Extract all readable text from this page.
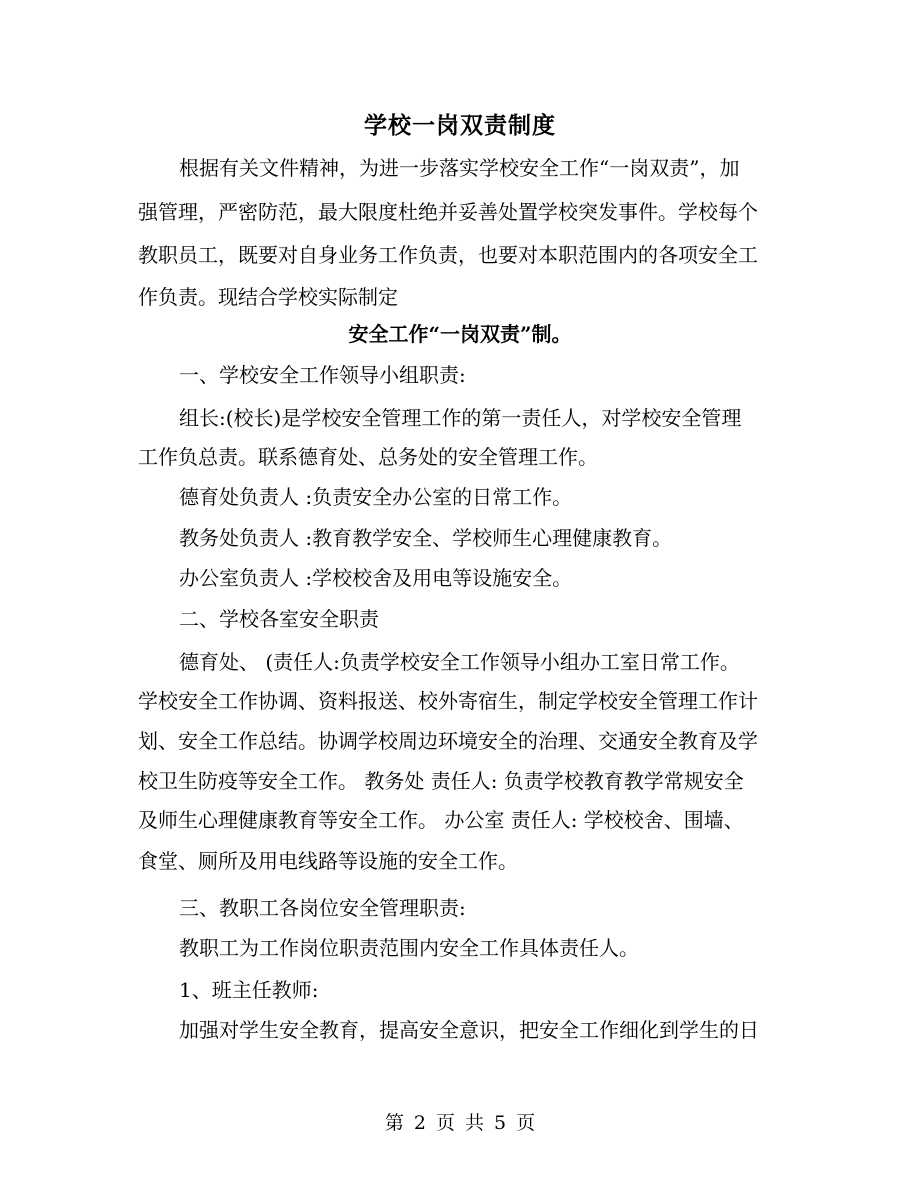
学校一岗双责制度
根据有关文件精神，为进一步落实学校安全工作“一岗双责”，加
强管理，严密防范，最大限度杜绝并妥善处置学校突发事件。学校每个
教职员工，既要对自身业务工作负责，也要对本职范围内的各项安全工
作负责。现结合学校实际制定
安全工作“一岗双责”制。
一、学校安全工作领导小组职责:
组长:(校长)是学校安全管理工作的第一责任人，对学校安全管理
工作负总责。联系德育处、总务处的安全管理工作。
德育处负责人 :负责安全办公室的日常工作。
教务处负责人 :教育教学安全、学校师生心理健康教育。
办公室负责人 :学校校舍及用电等设施安全。
二、学校各室安全职责
德育处、 (责任人:负责学校安全工作领导小组办工室日常工作。
学校安全工作协调、资料报送、校外寄宿生，制定学校安全管理工作计
划、安全工作总结。协调学校周边环境安全的治理、交通安全教育及学
校卫生防疫等安全工作。 教务处 责任人: 负责学校教育教学常规安全
及师生心理健康教育等安全工作。 办公室 责任人: 学校校舍、围墙、
食堂、厕所及用电线路等设施的安全工作。
三、教职工各岗位安全管理职责:
教职工为工作岗位职责范围内安全工作具体责任人。
1、班主任教师:
加强对学生安全教育，提高安全意识，把安全工作细化到学生的日
第 2 页 共 5 页
